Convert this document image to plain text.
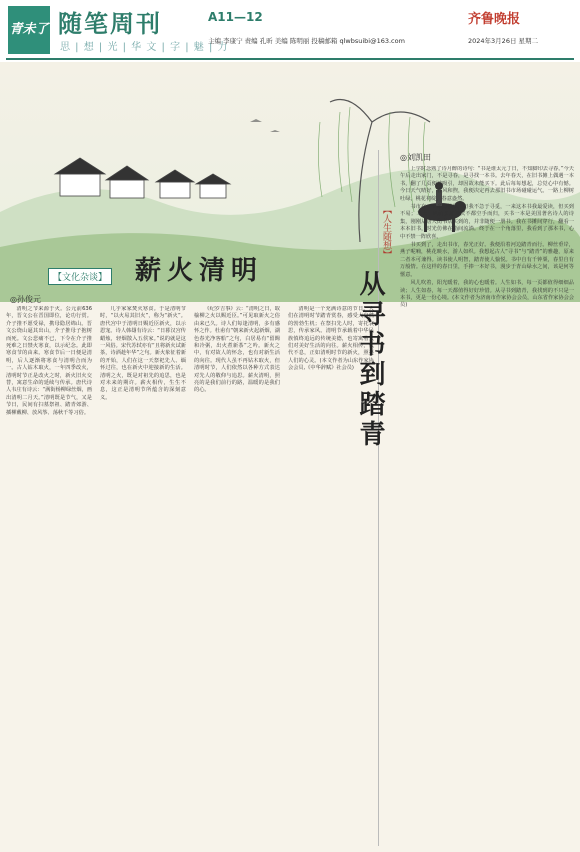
青未了 随笔周刊	A11—12
思 | 想 | 光 | 华 文 | 字 | 魅 | 力
主编 李康宁 责编 孔昕 美编 陈明丽 投稿邮箱 qlwbsuibi@163.com
齐鲁晚报
2024年3月26日 星期二
【文化杂谈】 薪火清明
◎孙俊元

清明之节来源于火。公元前636年，晋文公在晋国即位，论功行赏。介子推不愿受禄，携母隐居绵山。晋文公烧山逼其出山，介子推母子抱树而死。文公悲痛不已，下令在介子推死难之日禁火寒食，以示纪念。此即寒食节的由来。寒食节后一日便是清明，后人逐渐将寒食与清明合而为一。古人钻木取火，一年四季改火，清明时节正是改火之时，新火旧火交替，寓意生命的延续与传承。唐代诗人韦庄有诗云：“满街杨柳绿丝烟，画出清明二月天。”清明既是节气，又是节日，民间有扫墓祭祖、踏青郊游、插柳戴柳、放风筝、荡秋千等习俗。

几乎家家焚火寒食。于是清明节时，“以火易其旧火”，称为“新火”。唐代宫中于清明日赐近臣新火，以示恩宠。诗人韩翃有诗云：“日暮汉宫传蜡烛，轻烟散入五侯家。”说的就是这一风俗。宋代苏轼亦有“且将新火试新茶，诗酒趁年华”之句。新火象征着新的开始，人们在这一天祭祀先人、缅怀过往，也在新火中迎接新的生活。清明之火，既是对祖先的追思，也是对未来的期许。薪火相传，生生不息，这正是清明节所蕴含的深刻意义。

《纪岁吉事》云：“清明之日，取榆柳之火以赐近臣。”可见取新火之俗由来已久。诗人们每逢清明，多有感怀之作。杜甫有“朝来新火起新烟，湖色春光净客船”之句，白居易有“留餳和冷粥，出火煮新茶”之吟。新火之中，有对故人的怀念，也有对新生活的向往。现代人虽不再钻木取火，但清明时节，人们依然以各种方式表达对先人的敬仰与追思。薪火清明，照亮的是我们前行的路，温暖的是我们的心。

清明是一个充满诗意的节日。人们在清明时节踏青赏春，感受大自然的勃勃生机；在祭扫先人时，寄托哀思，传承家风。清明节承载着中华民族慎终追远的传统美德，也寄寓着人们对美好生活的向往。薪火相传，代代不息，正如清明时节的新火，照亮人们的心灵。(本文作者为山东作家协会会员,《中华辞赋》社会员)

【人生随想】
从寻书到踏青
◎刘凯田

上学时念熟了诗月醉的诗句：“书是谁太元丁日，不知脚印去寻春。”今天午后走出家门，不是寻春，是寻找一本书。去年春天，在旧书摊上偶遇一本书，翻了几页便被吸引，却因故未能买下。此后每每想起，总觉心中有憾。今日天气晴好，春风和煦，我便决定再去那旧书市场碰碰运气。一路上柳树吐绿，桃花初绽，春意盎然。

书市在一个多层楼里，但我不急于寻觅，一来这本书我最爱读，但买到不易；二来，从前去过几次不都空手而归，买书一本是美国著名诗人的诗集，刚刚从唐人街书店买到的，并非随便一册书。我在书摊间穿行，翻看一本本旧书，时光仿佛在指间流淌。终于在一个角落里，我看到了那本书，心中不禁一阵欣喜。

书买到了，走出书市，春光正好。我便沿着河边踏青而行。柳丝垂岸，燕子呢喃，桃花映水，游人如织。我想起古人“寻书”与“踏青”的雅趣，原来二者本可兼得。读书使人明智，踏青使人愉悦。书中自有千钟粟，春里自有万般情。在这样的春日里，手捧一本好书，漫步于青山绿水之间，该是何等惬意。

风儿吹着，阳光暖着，我的心也暖着。人生如书，每一页都值得细细品读；人生如春，每一天都值得好好珍惜。从寻书到踏青，我找到的不只是一本书，更是一份心境。(本文作者为济南市作家协会会员，山东省作家协会会员)
